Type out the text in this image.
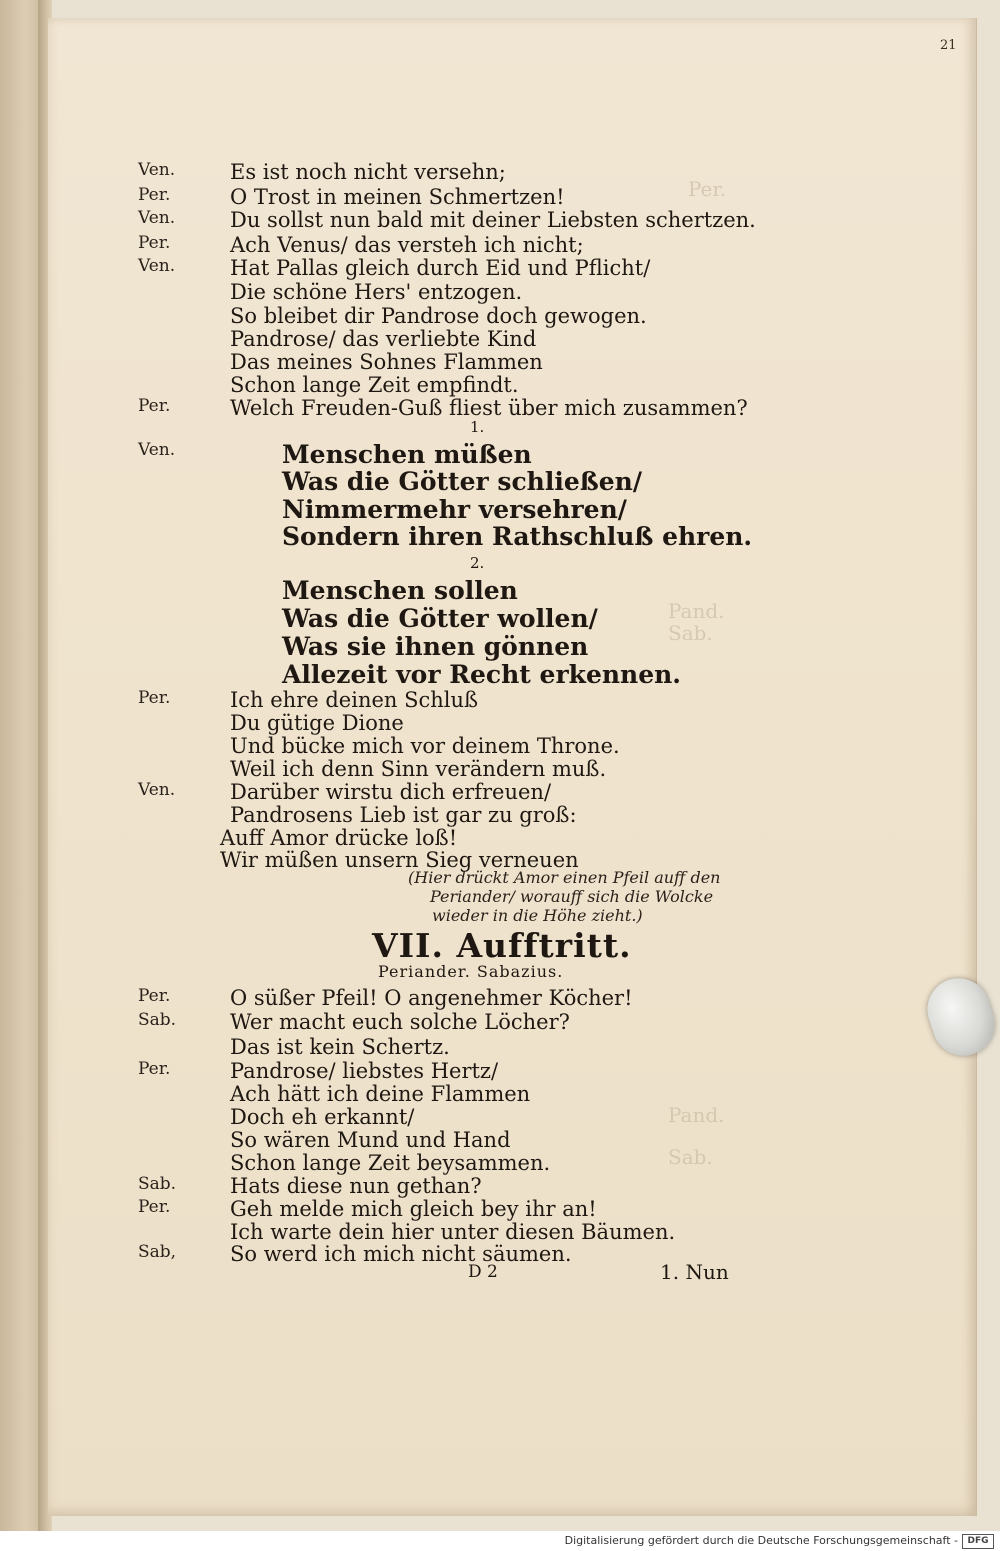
21
Per.
Pand.
Sab.
Pand.
Sab.
Ven.	Es ist noch nicht versehn;
Per.	O Trost in meinen Schmertzen!
Ven.	Du sollst nun bald mit deiner Liebsten schertzen.
Per.	Ach Venus/ das versteh ich nicht;
Ven.	Hat Pallas gleich durch Eid und Pflicht/
Die schöne Hers' entzogen.
So bleibet dir Pandrose doch gewogen.
Pandrose/ das verliebte Kind
Das meines Sohnes Flammen
Schon lange Zeit empfindt.
Per.	Welch Freuden-Guß fliest über mich zusammen?
1.
Ven.	Menschen müßen
Was die Götter schließen/
Nimmermehr versehren/
Sondern ihren Rathschluß ehren.
2.
Menschen sollen
Was die Götter wollen/
Was sie ihnen gönnen
Allezeit vor Recht erkennen.
Per.	Ich ehre deinen Schluß
Du gütige Dione
Und bücke mich vor deinem Throne.
Weil ich denn Sinn verändern muß.
Ven.	Darüber wirstu dich erfreuen/
Pandrosens Lieb ist gar zu groß:
Auff Amor drücke loß!
Wir müßen unsern Sieg verneuen
(Hier drückt Amor einen Pfeil auff den
Periander/ worauff sich die Wolcke
wieder in die Höhe zieht.)
VII. Aufftritt.
Periander. Sabazius.
Per.	O süßer Pfeil! O angenehmer Köcher!
Sab.	Wer macht euch solche Löcher?
Das ist kein Schertz.
Per.	Pandrose/ liebstes Hertz/
Ach hätt ich deine Flammen
Doch eh erkannt/
So wären Mund und Hand
Schon lange Zeit beysammen.
Sab.	Hats diese nun gethan?
Per.	Geh melde mich gleich bey ihr an!
Ich warte dein hier unter diesen Bäumen.
Sab,	So werd ich mich nicht säumen.
D 2	1. Nun
Digitalisierung gefördert durch die Deutsche Forschungsgemeinschaft -	DFG
